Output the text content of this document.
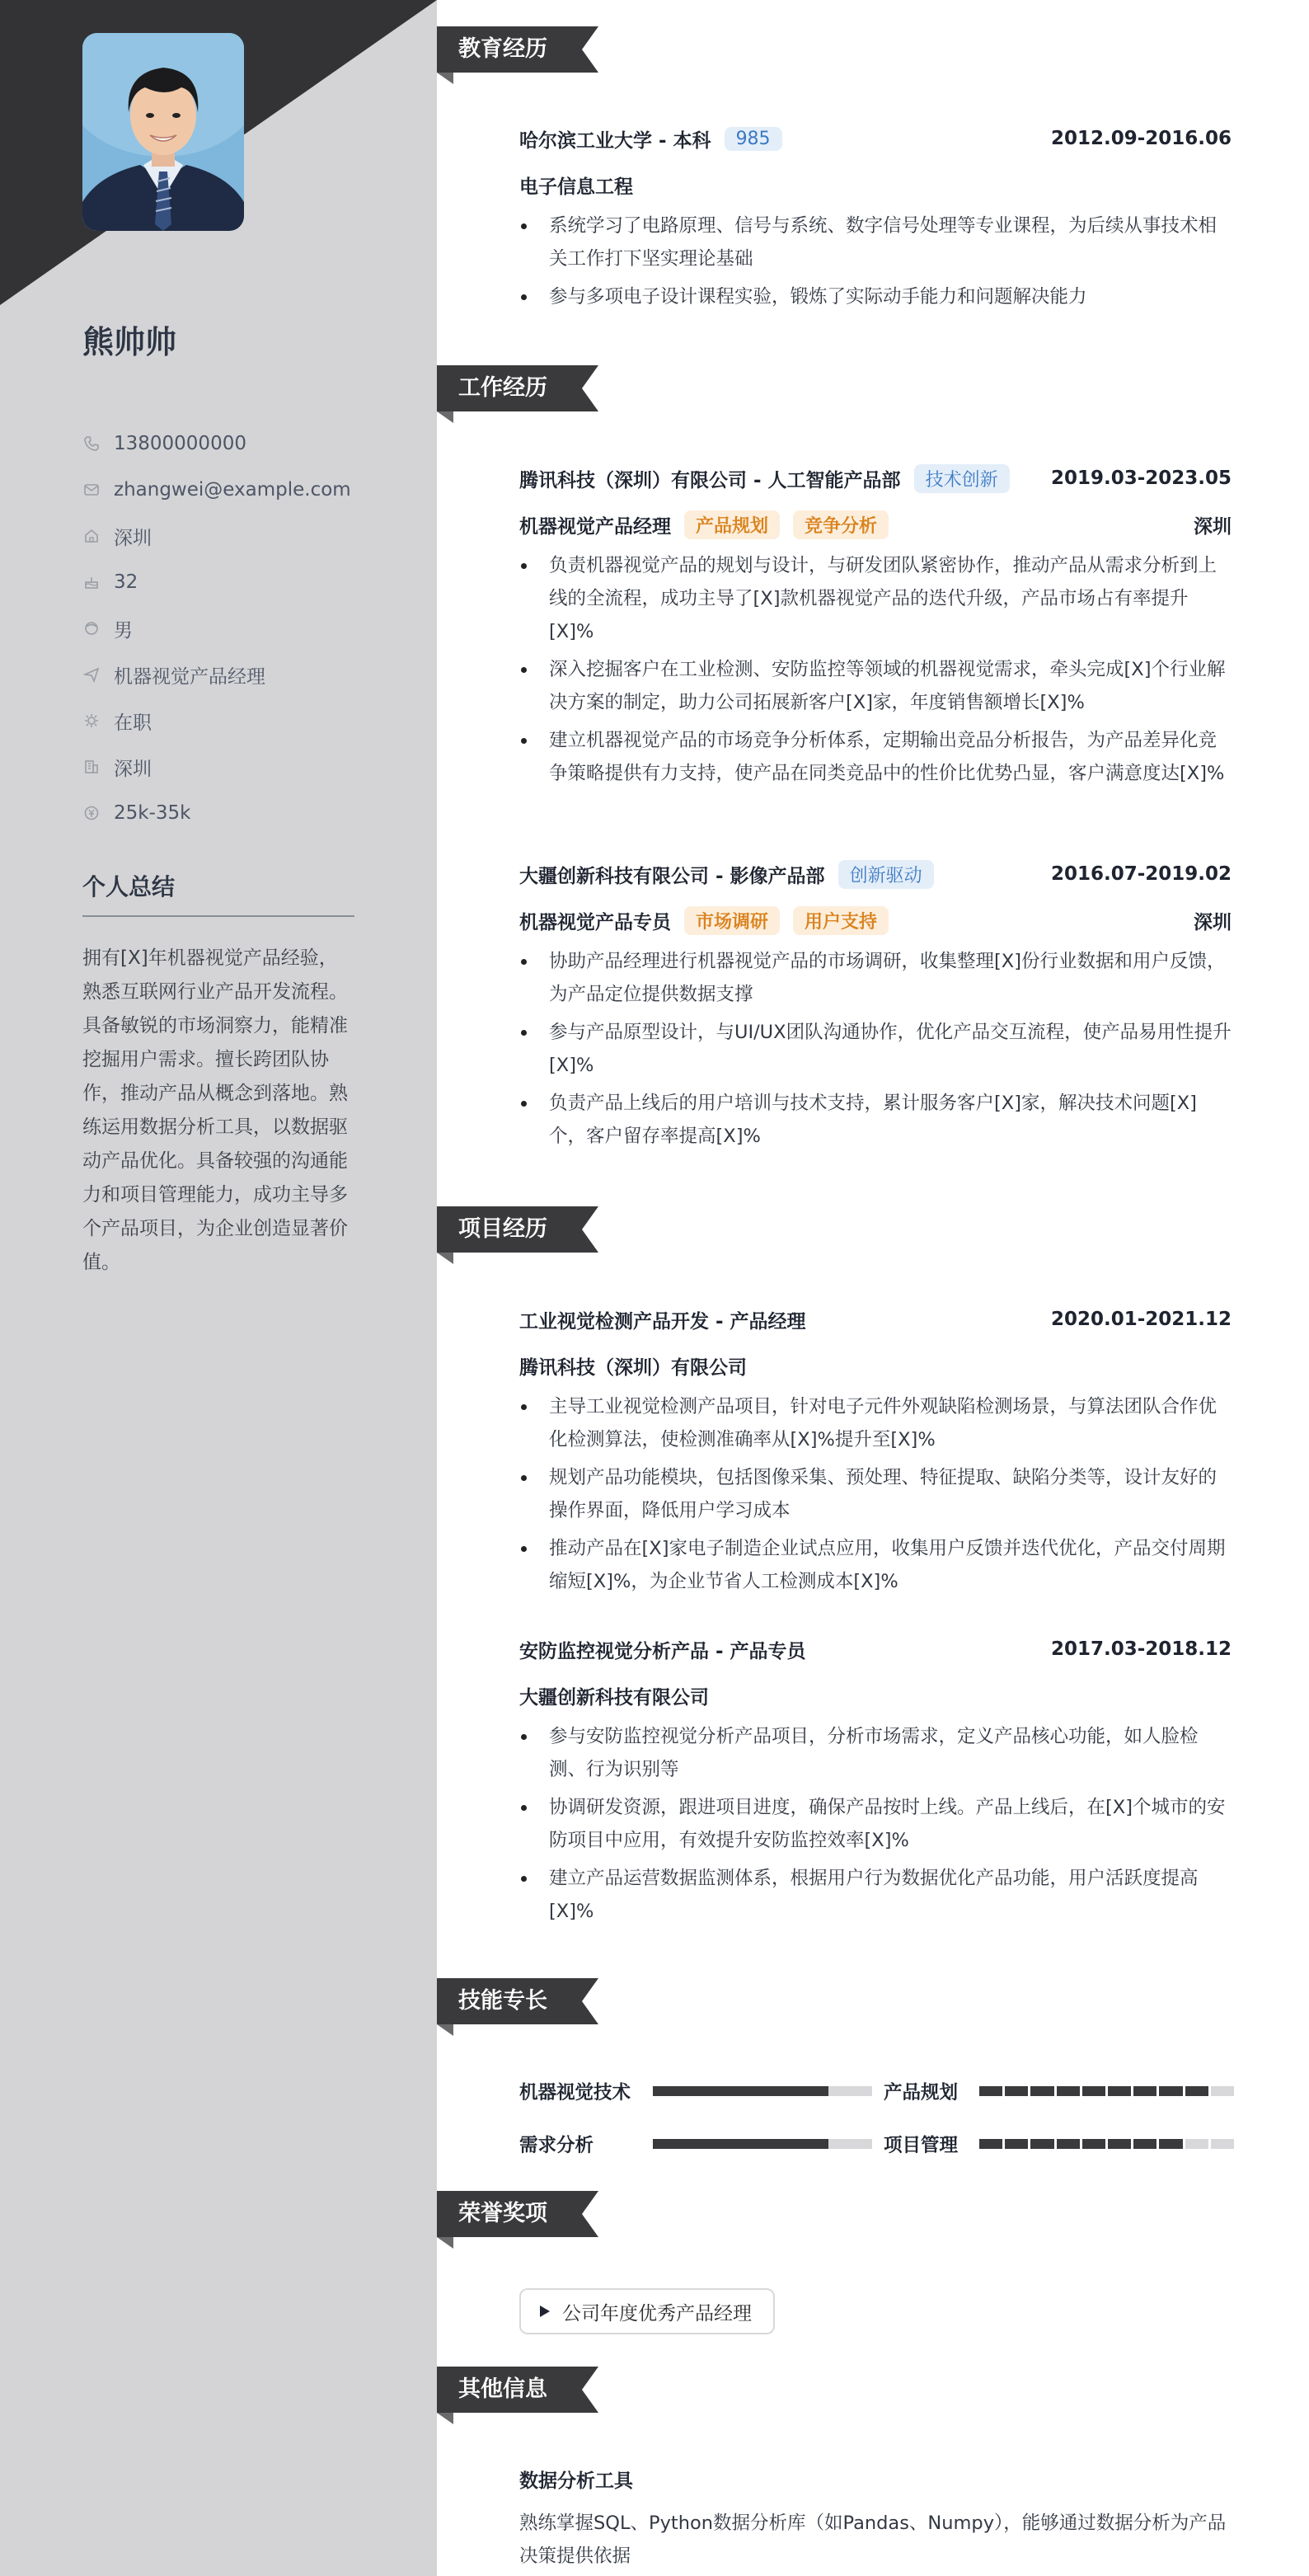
熊帅帅
13800000000
zhangwei@example.com
深圳
32
男
机器视觉产品经理
在职
深圳
25k-35k
个人总结
拥有[X]年机器视觉产品经验，熟悉互联网行业产品开发流程。具备敏锐的市场洞察力，能精准挖掘用户需求。擅长跨团队协作，推动产品从概念到落地。熟练运用数据分析工具，以数据驱动产品优化。具备较强的沟通能力和项目管理能力，成功主导多个产品项目，为企业创造显著价值。
教育经历
哈尔滨工业大学 - 本科	985	2012.09-2016.06
电子信息工程
系统学习了电路原理、信号与系统、数字信号处理等专业课程，为后续从事技术相关工作打下坚实理论基础
参与多项电子设计课程实验，锻炼了实际动手能力和问题解决能力
工作经历
腾讯科技（深圳）有限公司 - 人工智能产品部	技术创新	2019.03-2023.05
机器视觉产品经理	产品规划	竞争分析	深圳
负责机器视觉产品的规划与设计，与研发团队紧密协作，推动产品从需求分析到上线的全流程，成功主导了[X]款机器视觉产品的迭代升级，产品市场占有率提升[X]%
深入挖掘客户在工业检测、安防监控等领域的机器视觉需求，牵头完成[X]个行业解决方案的制定，助力公司拓展新客户[X]家，年度销售额增长[X]%
建立机器视觉产品的市场竞争分析体系，定期输出竞品分析报告，为产品差异化竞争策略提供有力支持，使产品在同类竞品中的性价比优势凸显，客户满意度达[X]%
大疆创新科技有限公司 - 影像产品部	创新驱动	2016.07-2019.02
机器视觉产品专员	市场调研	用户支持	深圳
协助产品经理进行机器视觉产品的市场调研，收集整理[X]份行业数据和用户反馈，为产品定位提供数据支撑
参与产品原型设计，与UI/UX团队沟通协作，优化产品交互流程，使产品易用性提升[X]%
负责产品上线后的用户培训与技术支持，累计服务客户[X]家，解决技术问题[X]个，客户留存率提高[X]%
项目经历
工业视觉检测产品开发 - 产品经理	2020.01-2021.12
腾讯科技（深圳）有限公司
主导工业视觉检测产品项目，针对电子元件外观缺陷检测场景，与算法团队合作优化检测算法，使检测准确率从[X]%提升至[X]%
规划产品功能模块，包括图像采集、预处理、特征提取、缺陷分类等，设计友好的操作界面，降低用户学习成本
推动产品在[X]家电子制造企业试点应用，收集用户反馈并迭代优化，产品交付周期缩短[X]%，为企业节省人工检测成本[X]%
安防监控视觉分析产品 - 产品专员	2017.03-2018.12
大疆创新科技有限公司
参与安防监控视觉分析产品项目，分析市场需求，定义产品核心功能，如人脸检测、行为识别等
协调研发资源，跟进项目进度，确保产品按时上线。产品上线后，在[X]个城市的安防项目中应用，有效提升安防监控效率[X]%
建立产品运营数据监测体系，根据用户行为数据优化产品功能，用户活跃度提高[X]%
技能专长
机器视觉技术	产品规划
需求分析	项目管理
荣誉奖项
公司年度优秀产品经理
其他信息
数据分析工具
熟练掌握SQL、Python数据分析库（如Pandas、Numpy），能够通过数据分析为产品决策提供依据
